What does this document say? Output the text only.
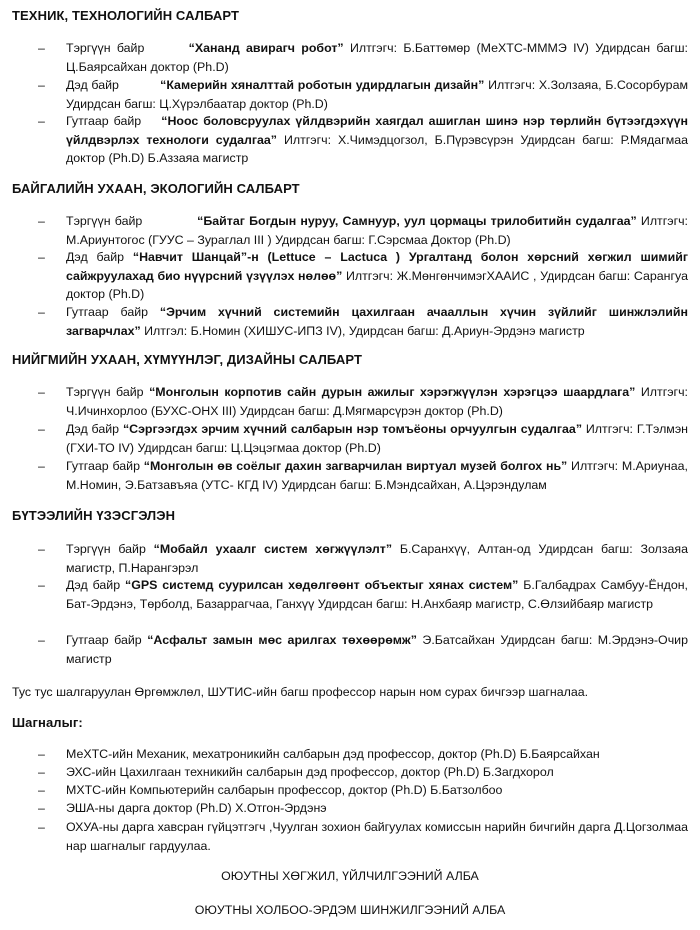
ТЕХНИК, ТЕХНОЛОГИЙН САЛБАРТ
–	Тэргүүн байр	“Хананд авирагч робот” Илтгэгч: Б.Баттөмөр (МеХТС-МММЭ IV) Удирдсан багш: Ц.Баярсайхан доктор (Ph.D)
–	Дэд байр	“Камерийн хяналттай роботын удирдлагын дизайн” Илтгэгч: Х.Золзаяа, Б.Сосорбурам Удирдсан багш: Ц.Хүрэлбаатар доктор (Ph.D)
–	Гутгаар байр “Ноос боловсруулах үйлдвэрийн хаягдал ашиглан шинэ нэр төрлийн бүтээгдэхүүн үйлдвэрлэх технологи судалгаа” Илтгэгч: Х.Чимэдцогзол, Б.Пүрэвсүрэн Удирдсан багш: Р.Мядагмаа доктор (Ph.D) Б.Аззаяа магистр
БАЙГАЛИЙН УХААН, ЭКОЛОГИЙН САЛБАРТ
–	Тэргүүн байр	“Байтаг Богдын нуруу, Самнуур, уул цормацы трилобитийн судалгаа” Илтгэгч: М.Ариунтогос (ГУУС – Зураглал III ) Удирдсан багш: Г.Сэрсмаа Доктор (Ph.D)
–	Дэд байр “Навчит Шанцай”-н (Lettuce – Lactuca ) Ургалтанд болон хөрсний хөгжил шимийг сайжруулахад био нүүрсний үзүүлэх нөлөө” Илтгэгч: Ж.МөнгөнчимэгХААИС , Удирдсан багш: Сарангуа доктор (Ph.D)
–	Гутгаар байр “Эрчим хүчний системийн цахилгаан ачааллын хүчин зүйлийг шинжлэлийн загварчлах” Илтгэл: Б.Номин (ХИШУС-ИПЗ IV), Удирдсан багш: Д.Ариун-Эрдэнэ магистр
НИЙГМИЙН УХААН, ХҮМҮҮНЛЭГ, ДИЗАЙНЫ САЛБАРТ
–	Тэргүүн байр “Монголын корпотив сайн дурын ажилыг хэрэгжүүлэн хэрэгцээ шаардлага” Илтгэгч: Ч.Ичинхорлоо (БУХС-ОНХ III) Удирдсан багш: Д.Мягмарсүрэн доктор (Ph.D)
–	Дэд байр “Сэргээгдэх эрчим хүчний салбарын нэр томъёоны орчуулгын судалгаа” Илтгэгч: Г.Тэлмэн (ГХИ-ТО IV) Удирдсан багш: Ц.Цэцэгмаа доктор (Ph.D)
–	Гутгаар байр “Монголын өв соёлыг дахин загварчилан виртуал музей болгох нь” Илтгэгч: М.Ариунаа, М.Номин, Э.Батзавъяа (УТС- КГД IV) Удирдсан багш: Б.Мэндсайхан, А.Цэрэндулам
БҮТЭЭЛИЙН ҮЗЭСГЭЛЭН
–	Тэргүүн байр “Мобайл ухаалг систем хөгжүүлэлт” Б.Саранхүү, Алтан-од Удирдсан багш: Золзаяа магистр, П.Нарангэрэл
–	Дэд байр “GPS системд суурилсан хөдөлгөөнт объектыг хянах систем” Б.Галбадрах Самбуу-Ёндон, Бат-Эрдэнэ, Төрболд, Базаррагчаа, Ганхүү Удирдсан багш: Н.Анхбаяр магистр, С.Өлзийбаяр магистр
–	Гутгаар байр “Асфальт замын мөс арилгах төхөөрөмж” Э.Батсайхан Удирдсан багш: М.Эрдэнэ-Очир магистр
Тус тус шалгаруулан Өргөмжлөл, ШУТИС-ийн багш профессор нарын ном сурах бичгээр шагналаа.
Шагналыг:
–	МеХТС-ийн Механик, мехатроникийн салбарын дэд профессор, доктор (Ph.D) Б.Баярсайхан
–	ЭХС-ийн Цахилгаан техникийн салбарын дэд профессор, доктор (Ph.D) Б.Загдхорол
–	МХТС-ийн Компьютерийн салбарын профессор, доктор (Ph.D) Б.Батзолбоо
–	ЭША-ны дарга доктор (Ph.D) Х.Отгон-Эрдэнэ
–	ОХУА-ны дарга хавсран гүйцэтгэгч ,Чуулган зохион байгуулах комиссын нарийн бичгийн дарга Д.Цогзолмаа нар шагналыг гардуулаа.
ОЮУТНЫ ХӨГЖИЛ, ҮЙЛЧИЛГЭЭНИЙ АЛБА
ОЮУТНЫ ХОЛБОО-ЭРДЭМ ШИНЖИЛГЭЭНИЙ АЛБА
